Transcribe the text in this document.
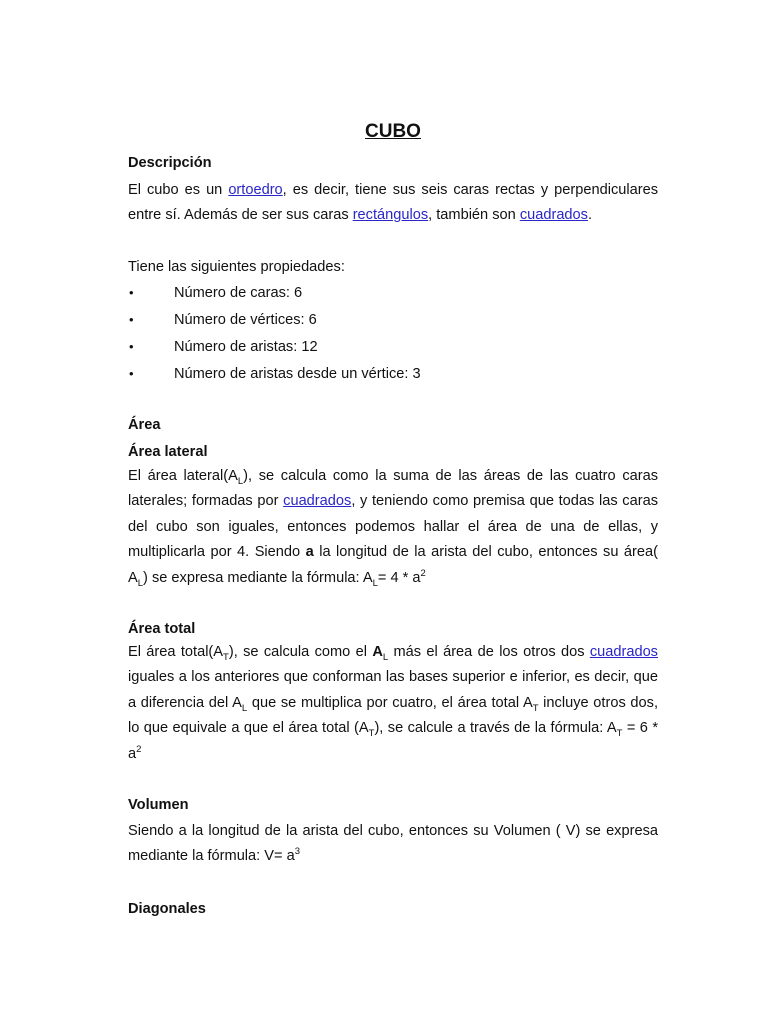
CUBO
Descripción

El cubo es un ortoedro, es decir, tiene sus seis caras rectas y perpendiculares entre sí. Además de ser sus caras rectángulos, también son cuadrados.

Tiene las siguientes propiedades:

•	Número de caras: 6
•	Número de vértices: 6
•	Número de aristas: 12
•	Número de aristas desde un vértice: 3
Área
Área lateral

El área $lateral(A_L)$, se calcula como la suma de las áreas de las cuatro caras laterales; formadas por cuadrados, y teniendo como premisa que todas las caras del cubo son iguales, entonces podemos hallar el área de una de ellas, y multiplicarla por 4. Siendo a la longitud de la arista del cubo, entonces su área( $A_L$) se expresa mediante la fórmula: $A_L= 4 * a^2$

Área total

El área $total(A_T)$, se calcula como el $A_L$ más el área de los otros dos cuadrados iguales a los anteriores que conforman las bases superior e inferior, es decir, que a diferencia del $A_L$ que se multiplica por cuatro, el área total $A_T$ incluye otros dos, lo que equivale a que el área total $(A_T)$, se calcule a través de la fórmula: $A_T = 6 * a^2$

Volumen

Siendo a la longitud de la arista del cubo, entonces su Volumen ( V) se expresa mediante la fórmula: $V= a^3$

Diagonales
